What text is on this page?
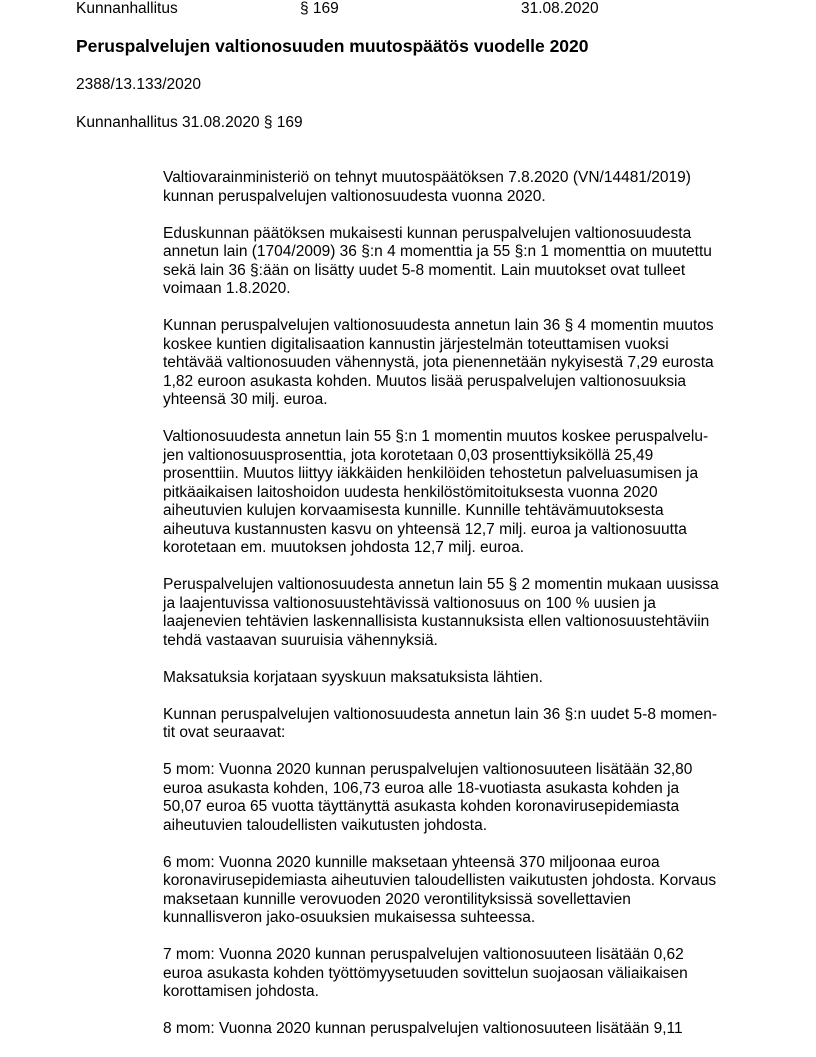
Kunnanhallitus	§ 169	31.08.2020
Peruspalvelujen valtionosuuden muutospäätös vuodelle 2020
2388/13.133/2020
Kunnanhallitus 31.08.2020 § 169
Valtiovarainministeriö on tehnyt muutospäätöksen 7.8.2020 (VN/14481/2019)
kunnan peruspalvelujen valtionosuudesta vuonna 2020.
Eduskunnan päätöksen mukaisesti kunnan peruspalvelujen valtionosuudesta
annetun lain (1704/2009) 36 §:n 4 momenttia ja 55 §:n 1 momenttia on muutettu
sekä lain 36 §:ään on lisätty uudet 5-8 momentit. Lain muutokset ovat tulleet
voimaan 1.8.2020.
Kunnan peruspalvelujen valtionosuudesta annetun lain 36 § 4 momentin muutos
koskee kuntien digitalisaation kannustin järjestelmän toteuttamisen vuoksi
tehtävää valtionosuuden vähennystä, jota pienennetään nykyisestä 7,29 eurosta
1,82 euroon asukasta kohden. Muutos lisää peruspalvelujen valtionosuuksia
yhteensä 30 milj. euroa.
Valtionosuudesta annetun lain 55 §:n 1 momentin muutos koskee peruspalvelu-
jen valtionosuusprosenttia, jota korotetaan 0,03 prosenttiyksiköllä 25,49
prosenttiin. Muutos liittyy iäkkäiden henkilöiden tehostetun palveluasumisen ja
pitkäaikaisen laitoshoidon uudesta henkilöstömitoituksesta vuonna 2020
aiheutuvien kulujen korvaamisesta kunnille. Kunnille tehtävämuutoksesta
aiheutuva kustannusten kasvu on yhteensä 12,7 milj. euroa ja valtionosuutta
korotetaan em. muutoksen johdosta 12,7 milj. euroa.
Peruspalvelujen valtionosuudesta annetun lain 55 § 2 momentin mukaan uusissa
ja laajentuvissa valtionosuustehtävissä valtionosuus on 100 % uusien ja
laajenevien tehtävien laskennallisista kustannuksista ellen valtionosuustehtäviin
tehdä vastaavan suuruisia vähennyksiä.
Maksatuksia korjataan syyskuun maksatuksista lähtien.
Kunnan peruspalvelujen valtionosuudesta annetun lain 36 §:n uudet 5-8 momen-
tit ovat seuraavat:
5 mom: Vuonna 2020 kunnan peruspalvelujen valtionosuuteen lisätään 32,80
euroa asukasta kohden, 106,73 euroa alle 18-vuotiasta asukasta kohden ja
50,07 euroa 65 vuotta täyttänyttä asukasta kohden koronavirusepidemiasta
aiheutuvien taloudellisten vaikutusten johdosta.
6 mom: Vuonna 2020 kunnille maksetaan yhteensä 370 miljoonaa euroa
koronavirusepidemiasta aiheutuvien taloudellisten vaikutusten johdosta. Korvaus
maksetaan kunnille verovuoden 2020 verontilityksissä sovellettavien
kunnallisveron jako-osuuksien mukaisessa suhteessa.
7 mom: Vuonna 2020 kunnan peruspalvelujen valtionosuuteen lisätään 0,62
euroa asukasta kohden työttömyysetuuden sovittelun suojaosan väliaikaisen
korottamisen johdosta.
8 mom: Vuonna 2020 kunnan peruspalvelujen valtionosuuteen lisätään 9,11
